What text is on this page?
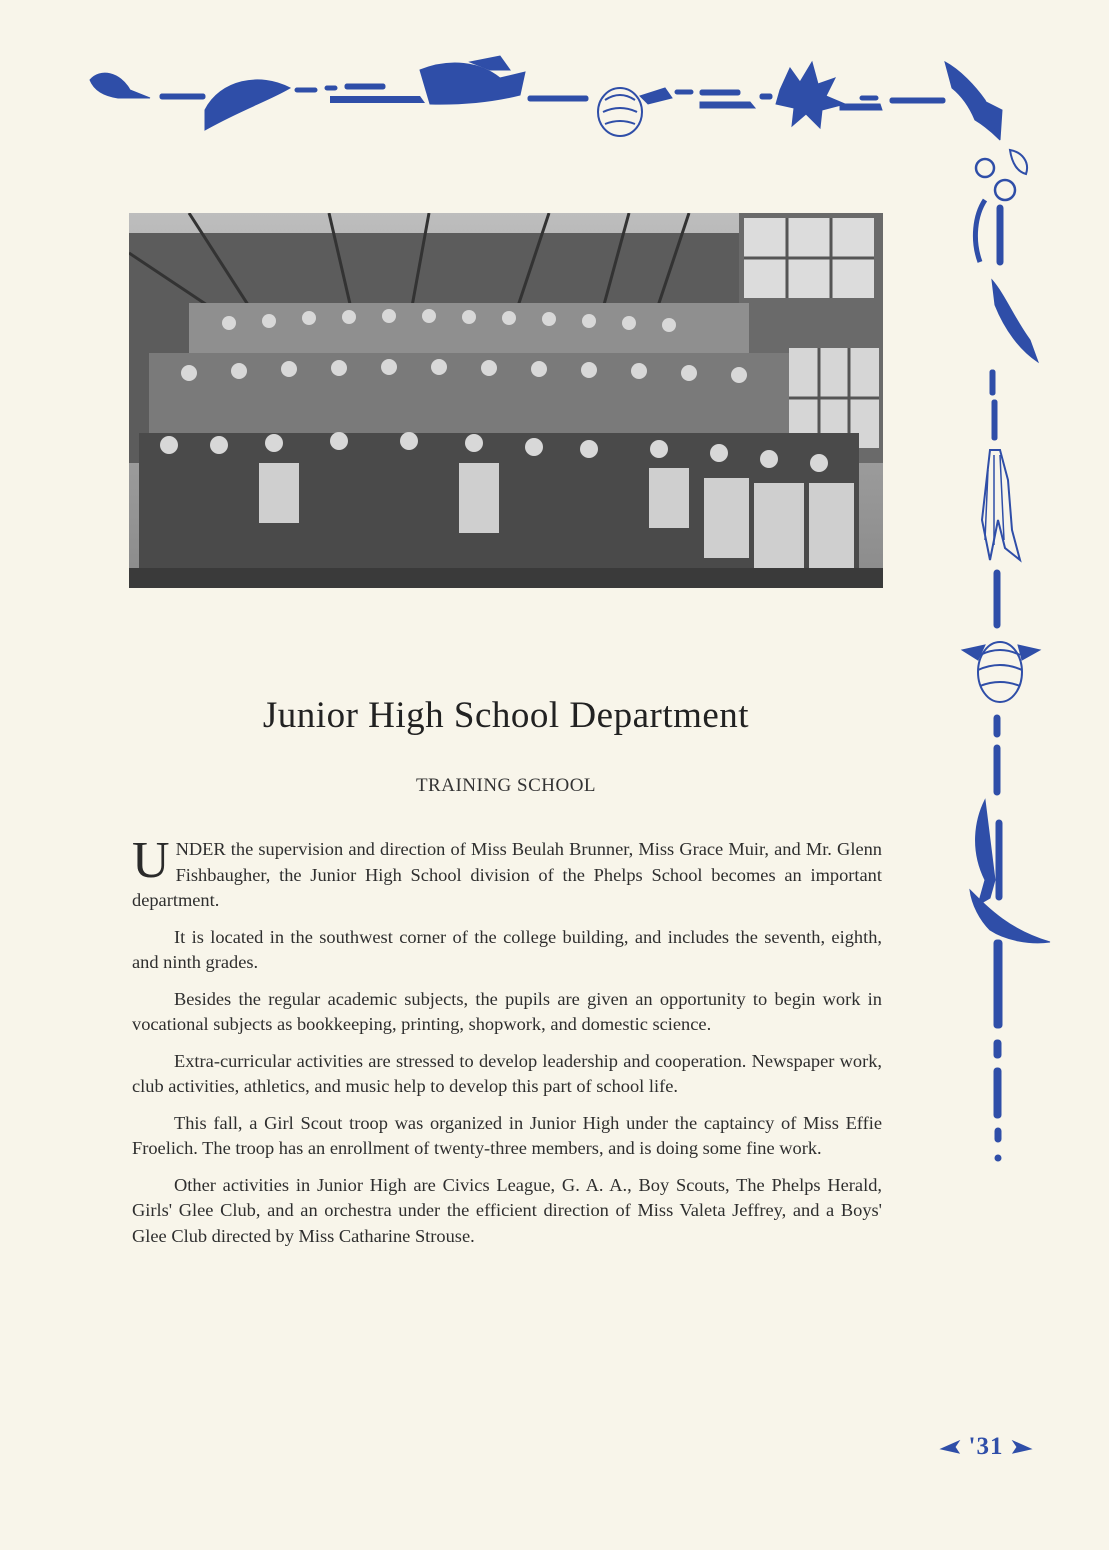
Junior High School Department
TRAINING SCHOOL

UNDER the supervision and direction of Miss Beulah Brunner, Miss Grace Muir, and Mr. Glenn Fishbaugher, the Junior High School division of the Phelps School becomes an important department.

It is located in the southwest corner of the college building, and includes the seventh, eighth, and ninth grades.

Besides the regular academic subjects, the pupils are given an opportunity to begin work in vocational subjects as bookkeeping, printing, shopwork, and domestic science.

Extra-curricular activities are stressed to develop leadership and cooperation. Newspaper work, club activities, athletics, and music help to develop this part of school life.

This fall, a Girl Scout troop was organized in Junior High under the captaincy of Miss Effie Froelich. The troop has an enrollment of twenty-three members, and is doing some fine work.

Other activities in Junior High are Civics League, G. A. A., Boy Scouts, The Phelps Herald, Girls' Glee Club, and an orchestra under the efficient direction of Miss Valeta Jeffrey, and a Boys' Glee Club directed by Miss Catharine Strouse.

'31
